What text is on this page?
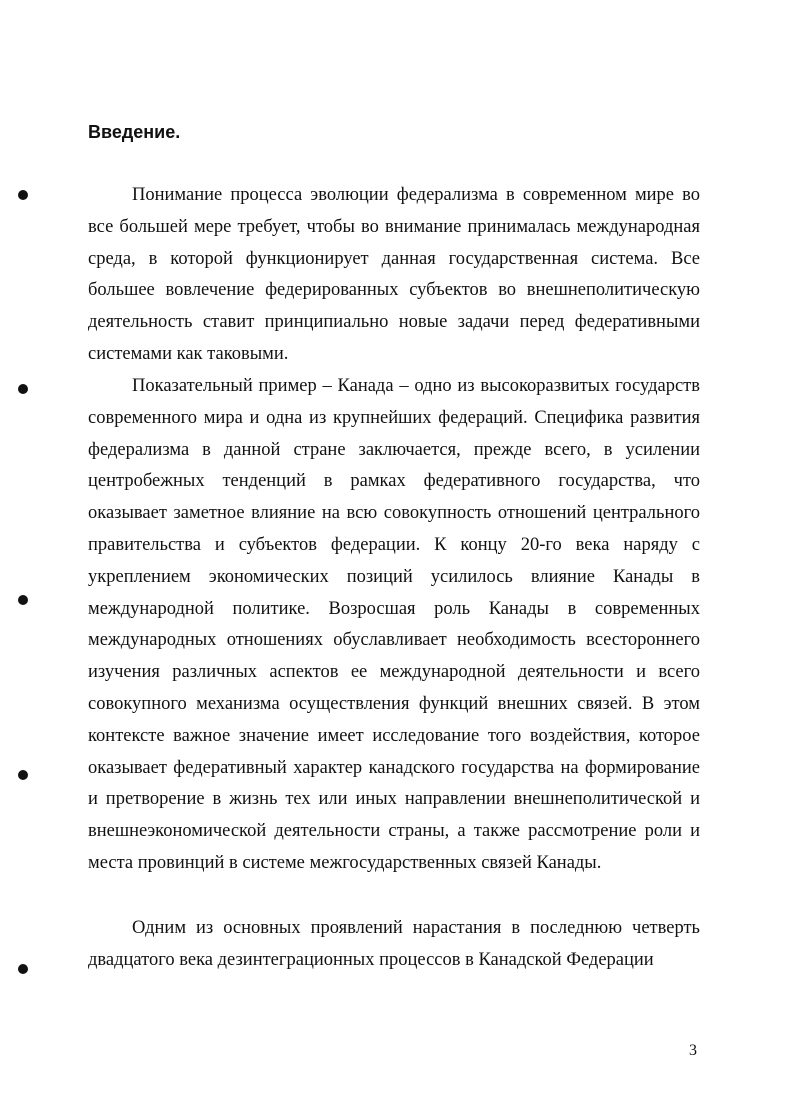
Введение.

Понимание процесса эволюции федерализма в современном мире во все большей мере требует, чтобы во внимание принималась международная среда, в которой функционирует данная государственная система. Все большее вовлечение федерированных субъектов во внешнеполитическую деятельность ставит принципиально новые задачи перед федеративными системами как таковыми.

Показательный пример – Канада – одно из высокоразвитых государств современного мира и одна из крупнейших федераций. Специфика развития федерализма в данной стране заключается, прежде всего, в усилении центробежных тенденций в рамках федеративного государства, что оказывает заметное влияние на всю совокупность отношений центрального правительства и субъектов федерации. К концу 20-го века наряду с укреплением экономических позиций усилилось влияние Канады в международной политике. Возросшая роль Канады в современных международных отношениях обуславливает необходимость всестороннего изучения различных аспектов ее международной деятельности и всего совокупного механизма осуществления функций внешних связей. В этом контексте важное значение имеет исследование того воздействия, которое оказывает федеративный характер канадского государства на формирование и претворение в жизнь тех или иных направлении внешнеполитической и внешнеэкономической деятельности страны, а также рассмотрение роли и места провинций в системе межгосударственных связей Канады.

Одним из основных проявлений нарастания в последнюю четверть двадцатого века дезинтеграционных процессов в Канадской Федерации

3
